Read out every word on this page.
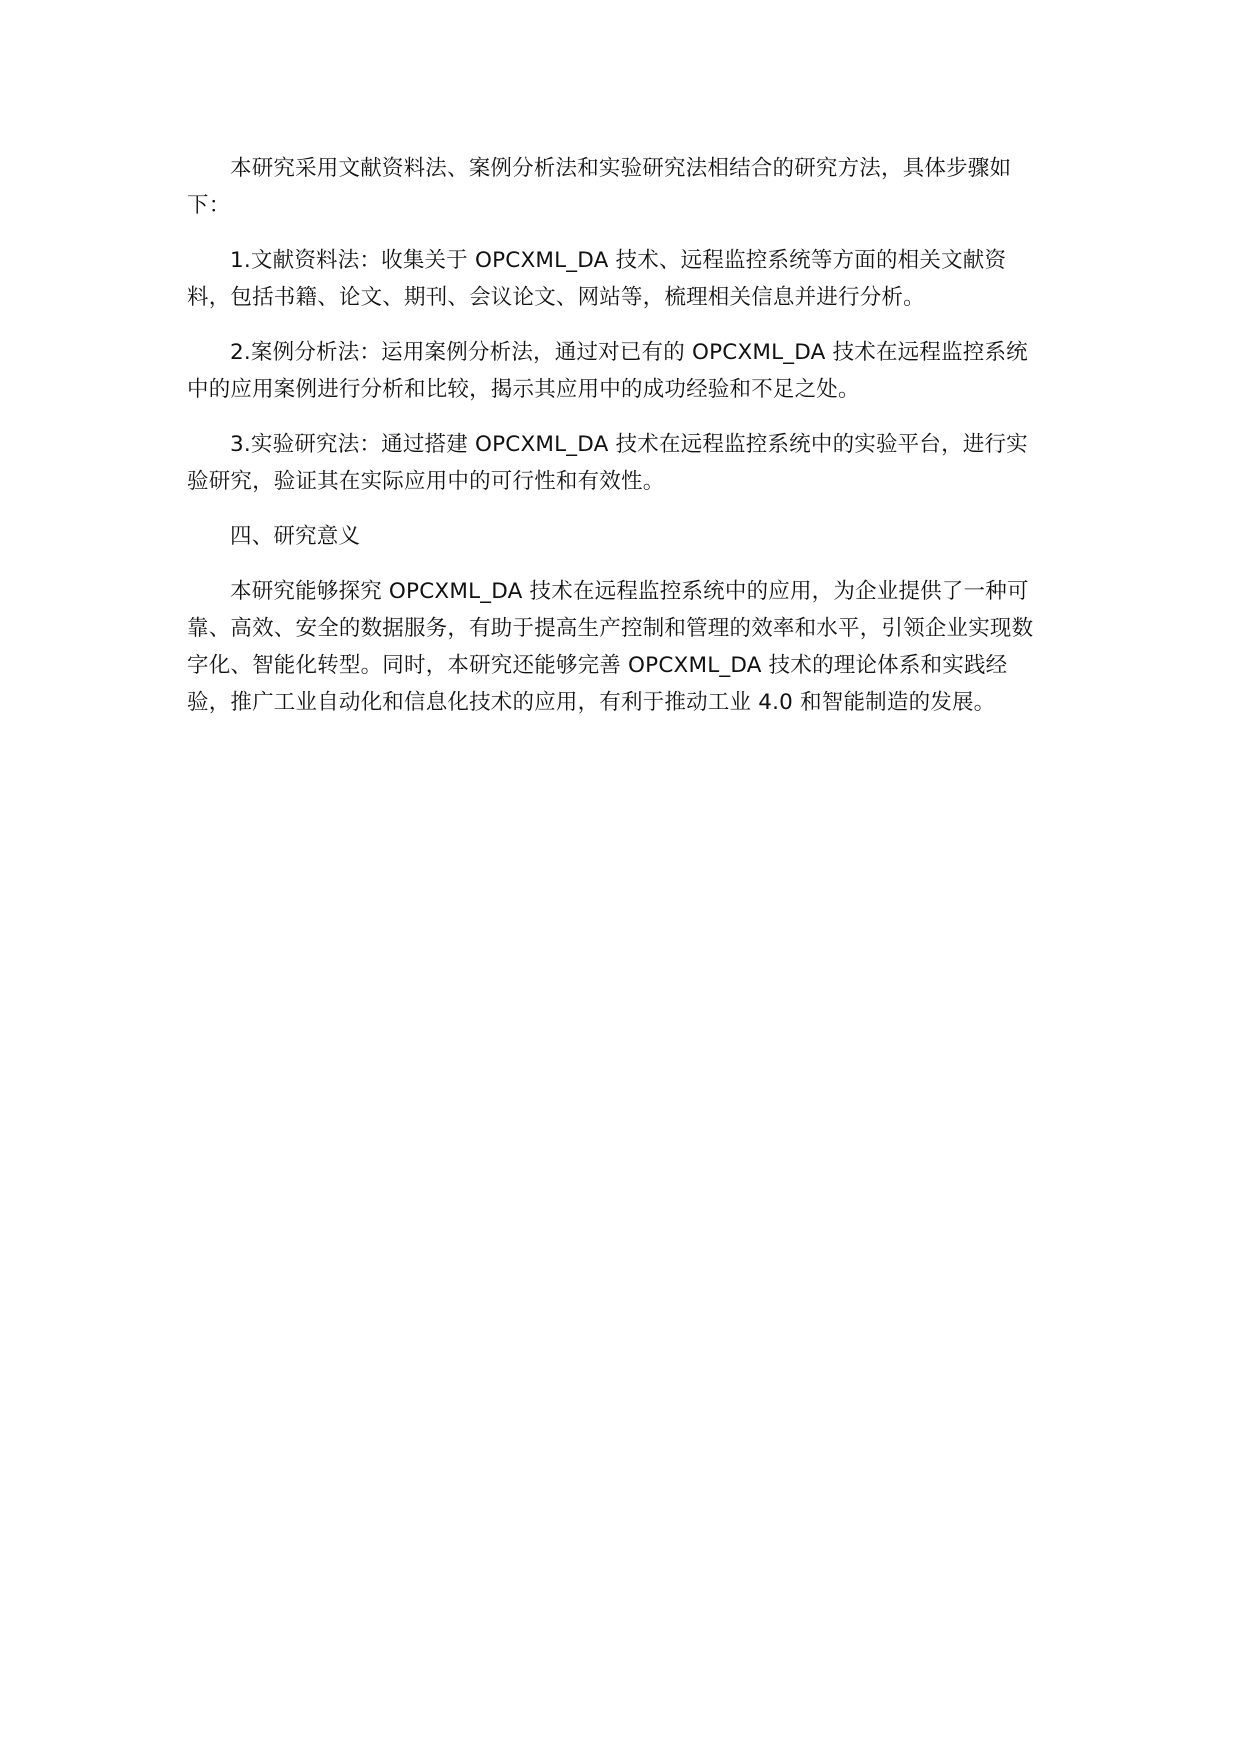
本研究采用文献资料法、案例分析法和实验研究法相结合的研究方法，具体步骤如下：

1.文献资料法：收集关于 OPCXML_DA 技术、远程监控系统等方面的相关文献资料，包括书籍、论文、期刊、会议论文、网站等，梳理相关信息并进行分析。

2.案例分析法：运用案例分析法，通过对已有的 OPCXML_DA 技术在远程监控系统中的应用案例进行分析和比较，揭示其应用中的成功经验和不足之处。

3.实验研究法：通过搭建 OPCXML_DA 技术在远程监控系统中的实验平台，进行实验研究，验证其在实际应用中的可行性和有效性。

四、研究意义

本研究能够探究 OPCXML_DA 技术在远程监控系统中的应用，为企业提供了一种可靠、高效、安全的数据服务，有助于提高生产控制和管理的效率和水平，引领企业实现数字化、智能化转型。同时，本研究还能够完善 OPCXML_DA 技术的理论体系和实践经验，推广工业自动化和信息化技术的应用，有利于推动工业 4.0 和智能制造的发展。
